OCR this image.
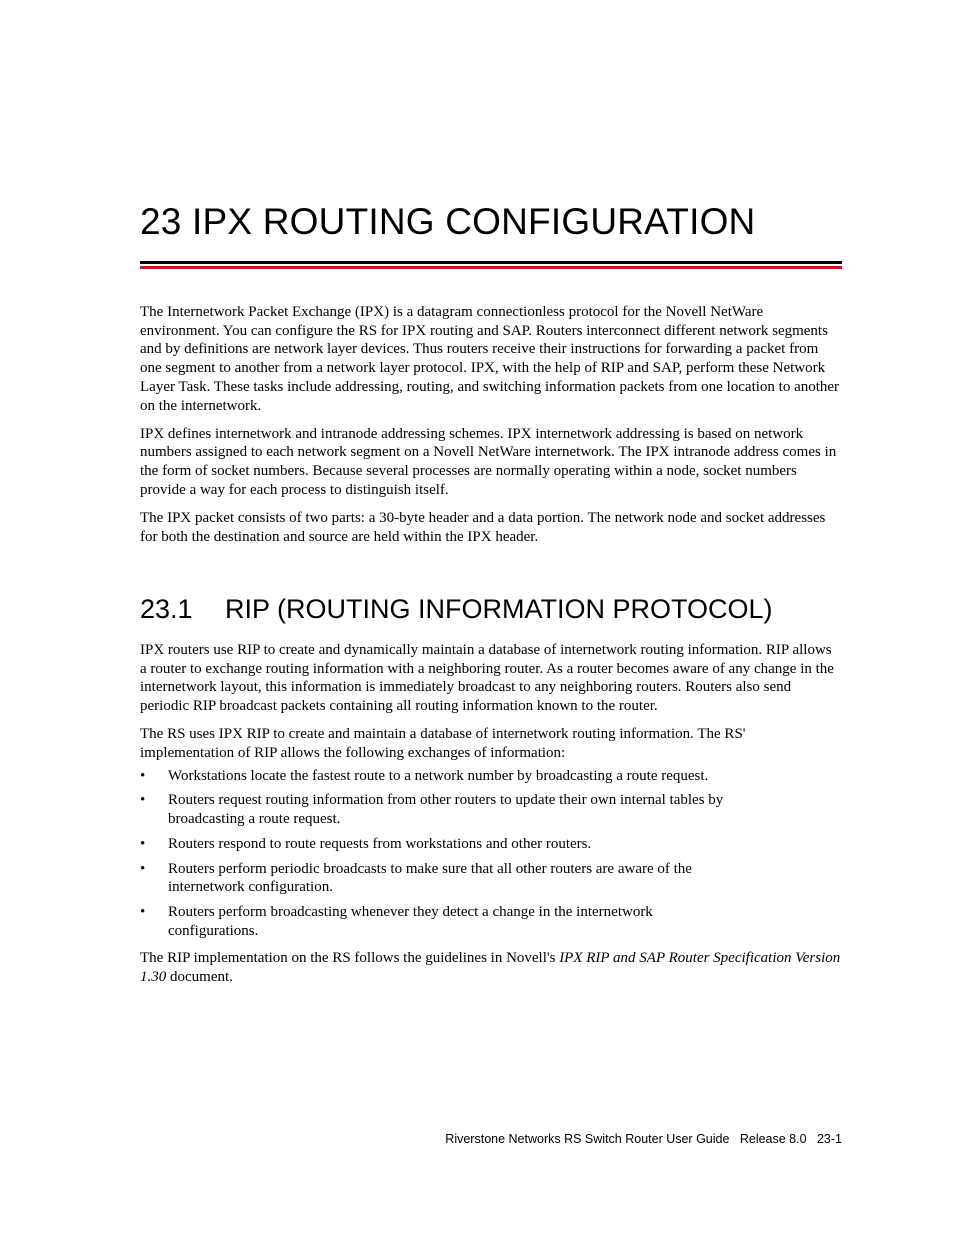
23 IPX ROUTING CONFIGURATION

The Internetwork Packet Exchange (IPX) is a datagram connectionless protocol for the Novell NetWare environment. You can configure the RS for IPX routing and SAP. Routers interconnect different network segments and by definitions are network layer devices. Thus routers receive their instructions for forwarding a packet from one segment to another from a network layer protocol. IPX, with the help of RIP and SAP, perform these Network Layer Task. These tasks include addressing, routing, and switching information packets from one location to another on the internetwork.

IPX defines internetwork and intranode addressing schemes. IPX internetwork addressing is based on network numbers assigned to each network segment on a Novell NetWare internetwork. The IPX intranode address comes in the form of socket numbers. Because several processes are normally operating within a node, socket numbers provide a way for each process to distinguish itself.

The IPX packet consists of two parts: a 30-byte header and a data portion. The network node and socket addresses for both the destination and source are held within the IPX header.

23.1 RIP (ROUTING INFORMATION PROTOCOL)

IPX routers use RIP to create and dynamically maintain a database of internetwork routing information. RIP allows a router to exchange routing information with a neighboring router. As a router becomes aware of any change in the internetwork layout, this information is immediately broadcast to any neighboring routers. Routers also send periodic RIP broadcast packets containing all routing information known to the router.

The RS uses IPX RIP to create and maintain a database of internetwork routing information. The RS' implementation of RIP allows the following exchanges of information:

• Workstations locate the fastest route to a network number by broadcasting a route request.
• Routers request routing information from other routers to update their own internal tables by broadcasting a route request.
• Routers respond to route requests from workstations and other routers.
• Routers perform periodic broadcasts to make sure that all other routers are aware of the internetwork configuration.
• Routers perform broadcasting whenever they detect a change in the internetwork configurations.

The RIP implementation on the RS follows the guidelines in Novell's IPX RIP and SAP Router Specification Version 1.30 document.

Riverstone Networks RS Switch Router User Guide   Release 8.0   23-1
